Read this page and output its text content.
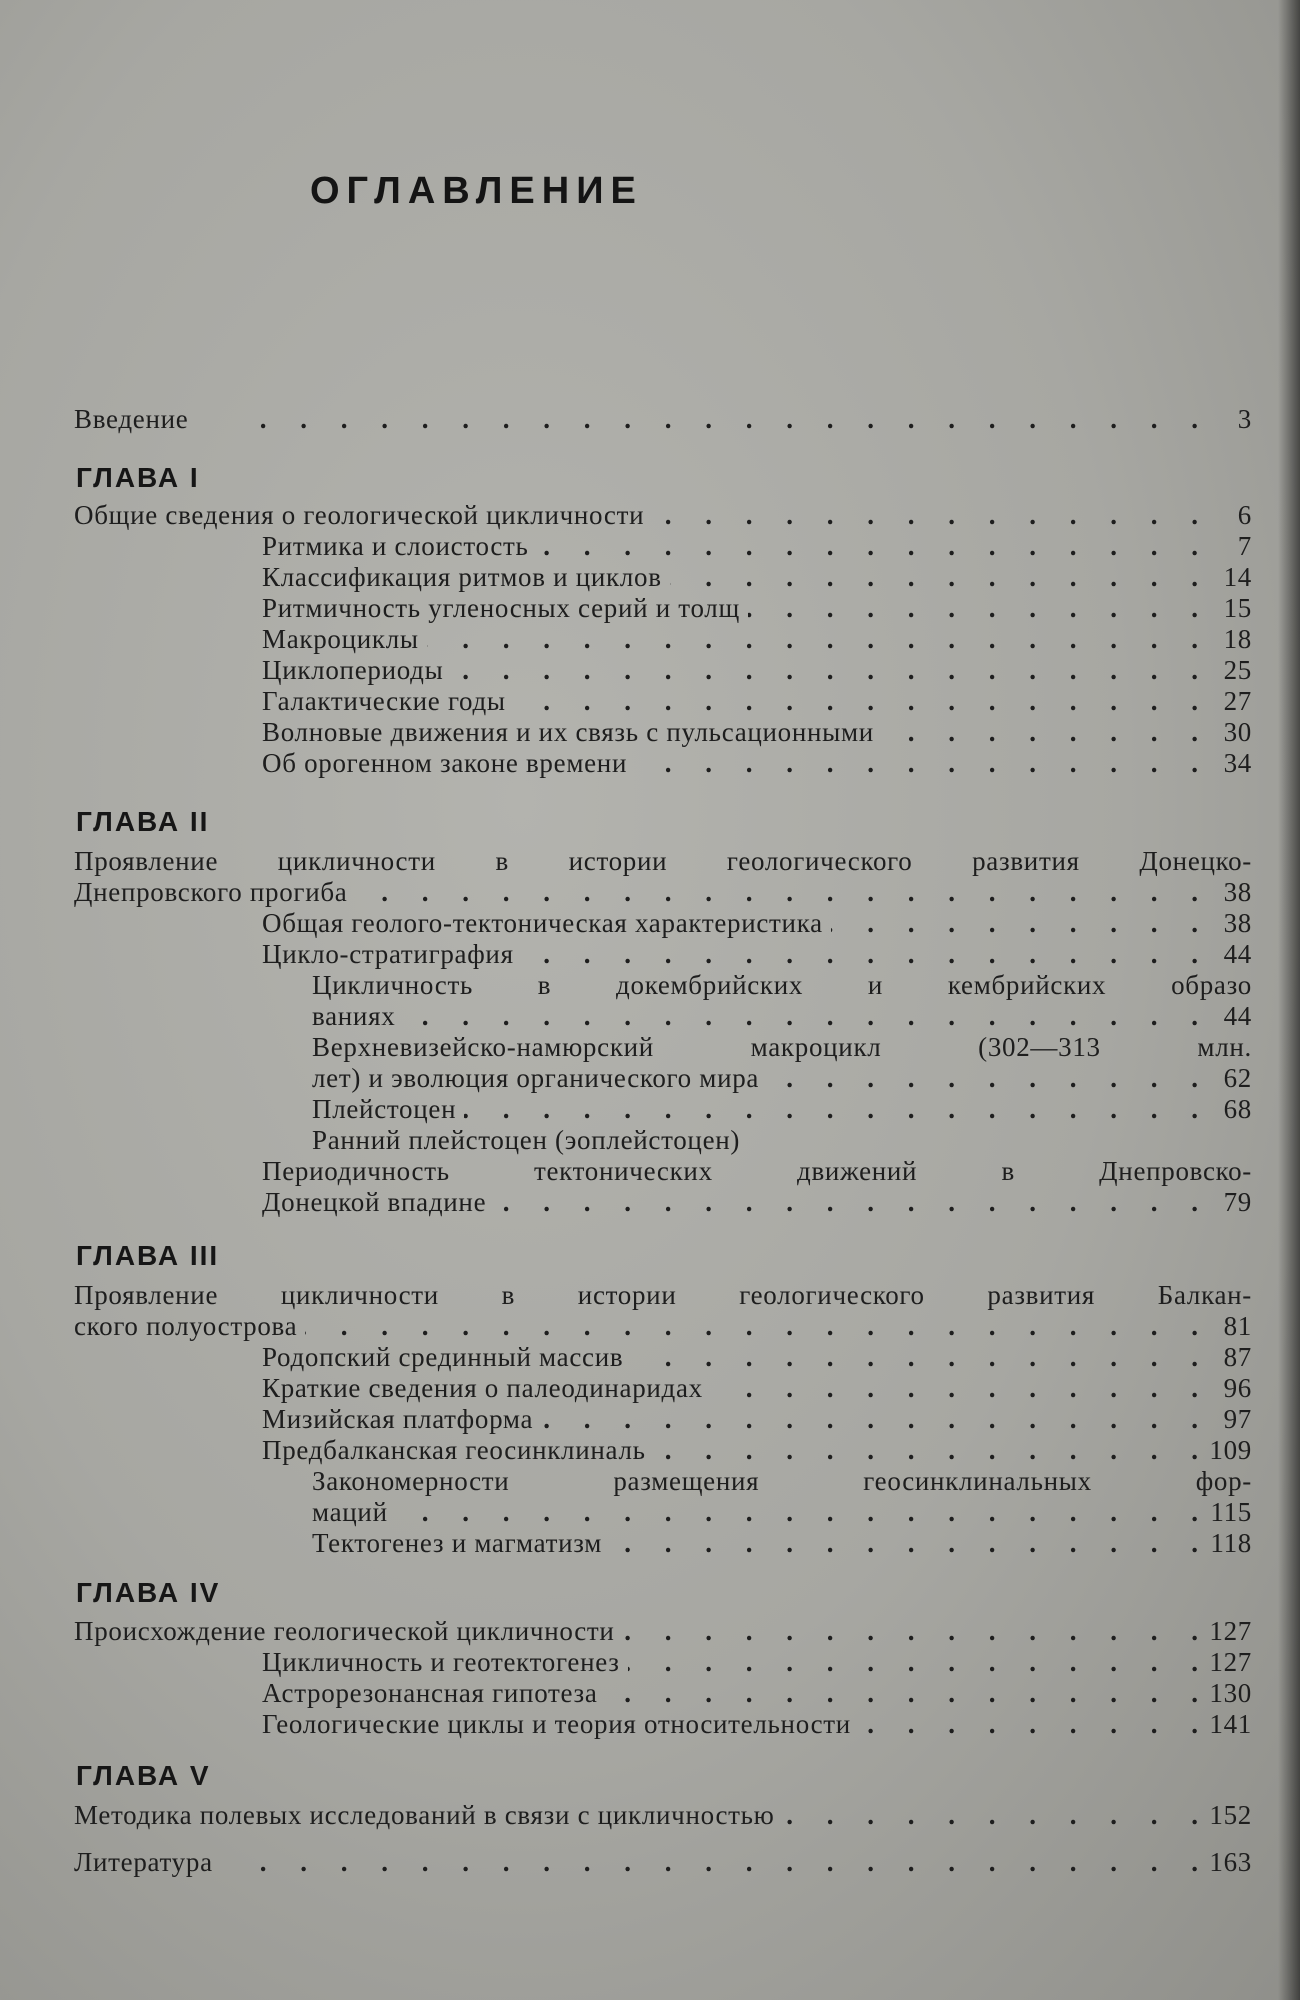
ОГЛАВЛЕНИЕ
Введение .	3
ГЛАВА I
Общие сведения о геологической цикличности .	6
Ритмика и слоистость .	7
Классификация ритмов и циклов .	14
Ритмичность угленосных серий и толщ .	15
Макроциклы .	18
Циклопериоды .	25
Галактические годы .	27
Волновые движения и их связь с пульсационными .	30
Об орогенном законе времени .	34
ГЛАВА II
Проявление цикличности в истории геологического развития Донецко-
Днепровского прогиба .	38
Общая геолого-тектоническая характеристика .	38
Цикло-стратиграфия .	44
Цикличность в докембрийских и кембрийских образо
ваниях .	44
Верхневизейско-намюрский макроцикл (302—313 млн.
лет) и эволюция органического мира .	62
Плейстоцен .	68
Ранний плейстоцен (эоплейстоцен)
Периодичность тектонических движений в Днепровско-
Донецкой впадине .	79
ГЛАВА III
Проявление цикличности в истории геологического развития Балкан-
ского полуострова .	81
Родопский срединный массив .	87
Краткие сведения о палеодинаридах .	96
Мизийская платформа .	97
Предбалканская геосинклиналь .	109
Закономерности размещения геосинклинальных фор-
маций .	115
Тектогенез и магматизм .	118
ГЛАВА IV
Происхождение геологической цикличности .	127
Цикличность и геотектогенез .	127
Астрорезонансная гипотеза .	130
Геологические циклы и теория относительности .	141
ГЛАВА V
Методика полевых исследований в связи с цикличностью .	152
Литература .	163
